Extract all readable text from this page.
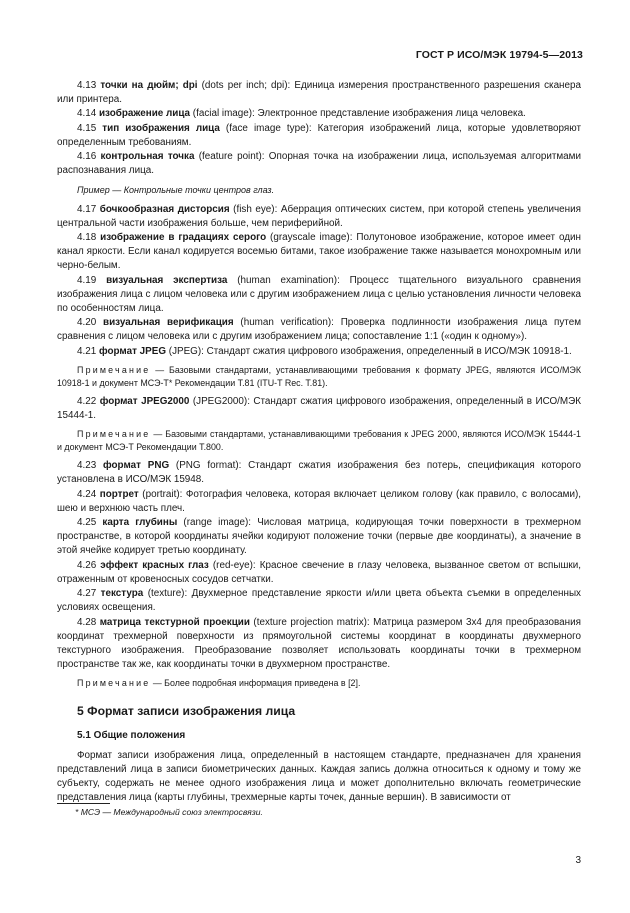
ГОСТ Р ИСО/МЭК 19794-5—2013

4.13 точки на дюйм; dpi (dots per inch; dpi): Единица измерения пространственного разрешения сканера или принтера.

4.14 изображение лица (facial image): Электронное представление изображения лица человека.

4.15 тип изображения лица (face image type): Категория изображений лица, которые удовлетворяют определенным требованиям.

4.16 контрольная точка (feature point): Опорная точка на изображении лица, используемая алгоритмами распознавания лица.

Пример — Контрольные точки центров глаз.

4.17 бочкообразная дисторсия (fish eye): Аберрация оптических систем, при которой степень увеличения центральной части изображения больше, чем периферийной.

4.18 изображение в градациях серого (grayscale image): Полутоновое изображение, которое имеет один канал яркости. Если канал кодируется восемью битами, такое изображение также называется монохромным или черно-белым.

4.19 визуальная экспертиза (human examination): Процесс тщательного визуального сравнения изображения лица с лицом человека или с другим изображением лица с целью установления личности человека по особенностям лица.

4.20 визуальная верификация (human verification): Проверка подлинности изображения лица путем сравнения с лицом человека или с другим изображением лица; сопоставление 1:1 («один к одному»).

4.21 формат JPEG (JPEG): Стандарт сжатия цифрового изображения, определенный в ИСО/МЭК 10918-1.

Примечание — Базовыми стандартами, устанавливающими требования к формату JPEG, являются ИСО/МЭК 10918-1 и документ МСЭ-Т* Рекомендации Т.81 (ITU-T Rec. T.81).

4.22 формат JPEG2000 (JPEG2000): Стандарт сжатия цифрового изображения, определенный в ИСО/МЭК 15444-1.

Примечание — Базовыми стандартами, устанавливающими требования к JPEG 2000, являются ИСО/МЭК 15444-1 и документ МСЭ-Т Рекомендации Т.800.

4.23 формат PNG (PNG format): Стандарт сжатия изображения без потерь, спецификация которого установлена в ИСО/МЭК 15948.

4.24 портрет (portrait): Фотография человека, которая включает целиком голову (как правило, с волосами), шею и верхнюю часть плеч.

4.25 карта глубины (range image): Числовая матрица, кодирующая точки поверхности в трехмерном пространстве, в которой координаты ячейки кодируют положение точки (первые две координаты), а значение в этой ячейке кодирует третью координату.

4.26 эффект красных глаз (red-eye): Красное свечение в глазу человека, вызванное светом от вспышки, отраженным от кровеносных сосудов сетчатки.

4.27 текстура (texture): Двухмерное представление яркости и/или цвета объекта съемки в определенных условиях освещения.

4.28 матрица текстурной проекции (texture projection matrix): Матрица размером 3x4 для преобразования координат трехмерной поверхности из прямоугольной системы координат в координаты двухмерного текстурного изображения. Преобразование позволяет использовать координаты точки в трехмерном пространстве так же, как координаты точки в двухмерном пространстве.

Примечание — Более подробная информация приведена в [2].

5 Формат записи изображения лица
5.1 Общие положения

Формат записи изображения лица, определенный в настоящем стандарте, предназначен для хранения представлений лица в записи биометрических данных. Каждая запись должна относиться к одному и тому же субъекту, содержать не менее одного изображения лица и может дополнительно включать геометрические представления лица (карты глубины, трехмерные карты точек, данные вершин). В зависимости от

* МСЭ — Международный союз электросвязи.
3
